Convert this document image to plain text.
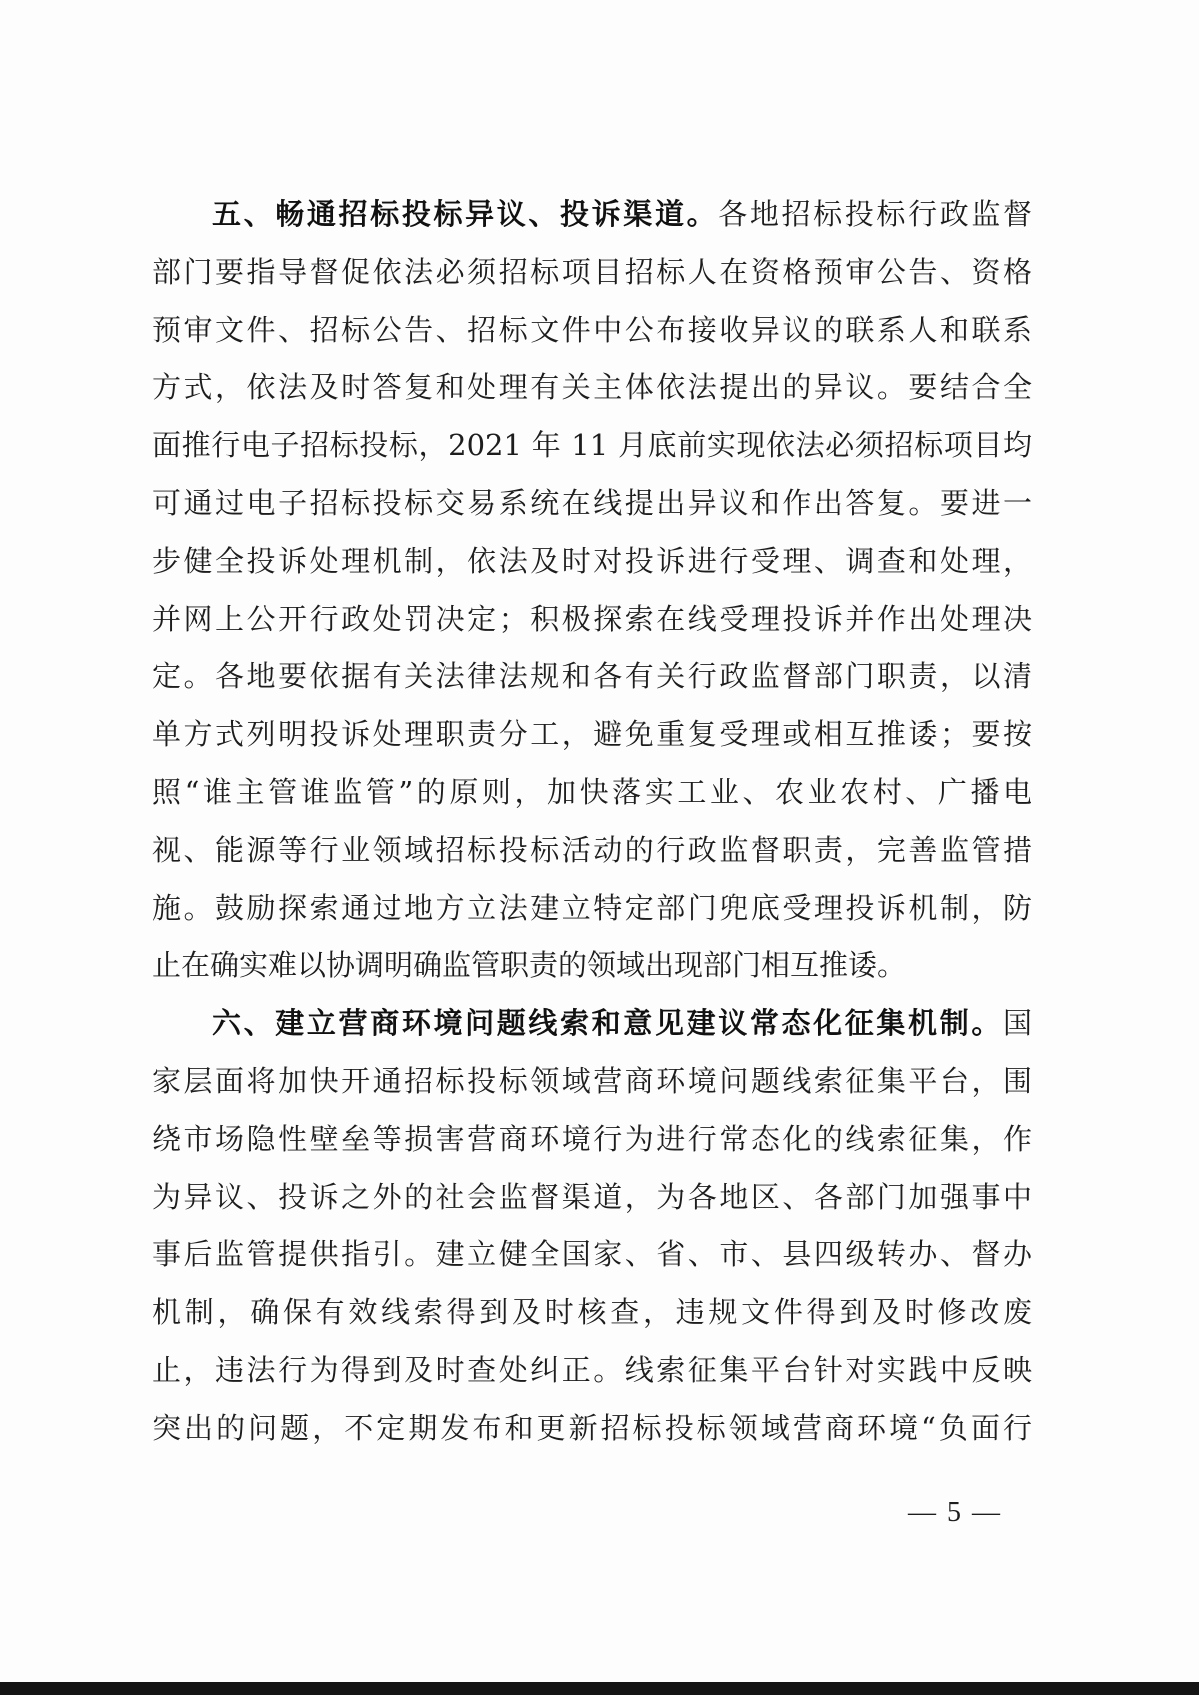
五、畅通招标投标异议、投诉渠道。各地招标投标行政监督
部门要指导督促依法必须招标项目招标人在资格预审公告、资格
预审文件、招标公告、招标文件中公布接收异议的联系人和联系
方式，依法及时答复和处理有关主体依法提出的异议。要结合全
面推行电子招标投标，2021 年 11 月底前实现依法必须招标项目均
可通过电子招标投标交易系统在线提出异议和作出答复。要进一
步健全投诉处理机制，依法及时对投诉进行受理、调查和处理，
并网上公开行政处罚决定；积极探索在线受理投诉并作出处理决
定。各地要依据有关法律法规和各有关行政监督部门职责，以清
单方式列明投诉处理职责分工，避免重复受理或相互推诿；要按
照“谁主管谁监管”的原则，加快落实工业、农业农村、广播电
视、能源等行业领域招标投标活动的行政监督职责，完善监管措
施。鼓励探索通过地方立法建立特定部门兜底受理投诉机制，防
止在确实难以协调明确监管职责的领域出现部门相互推诿。
六、建立营商环境问题线索和意见建议常态化征集机制。国
家层面将加快开通招标投标领域营商环境问题线索征集平台，围
绕市场隐性壁垒等损害营商环境行为进行常态化的线索征集，作
为异议、投诉之外的社会监督渠道，为各地区、各部门加强事中
事后监管提供指引。建立健全国家、省、市、县四级转办、督办
机制，确保有效线索得到及时核查，违规文件得到及时修改废
止，违法行为得到及时查处纠正。线索征集平台针对实践中反映
突出的问题，不定期发布和更新招标投标领域营商环境“负面行
— 5 —
